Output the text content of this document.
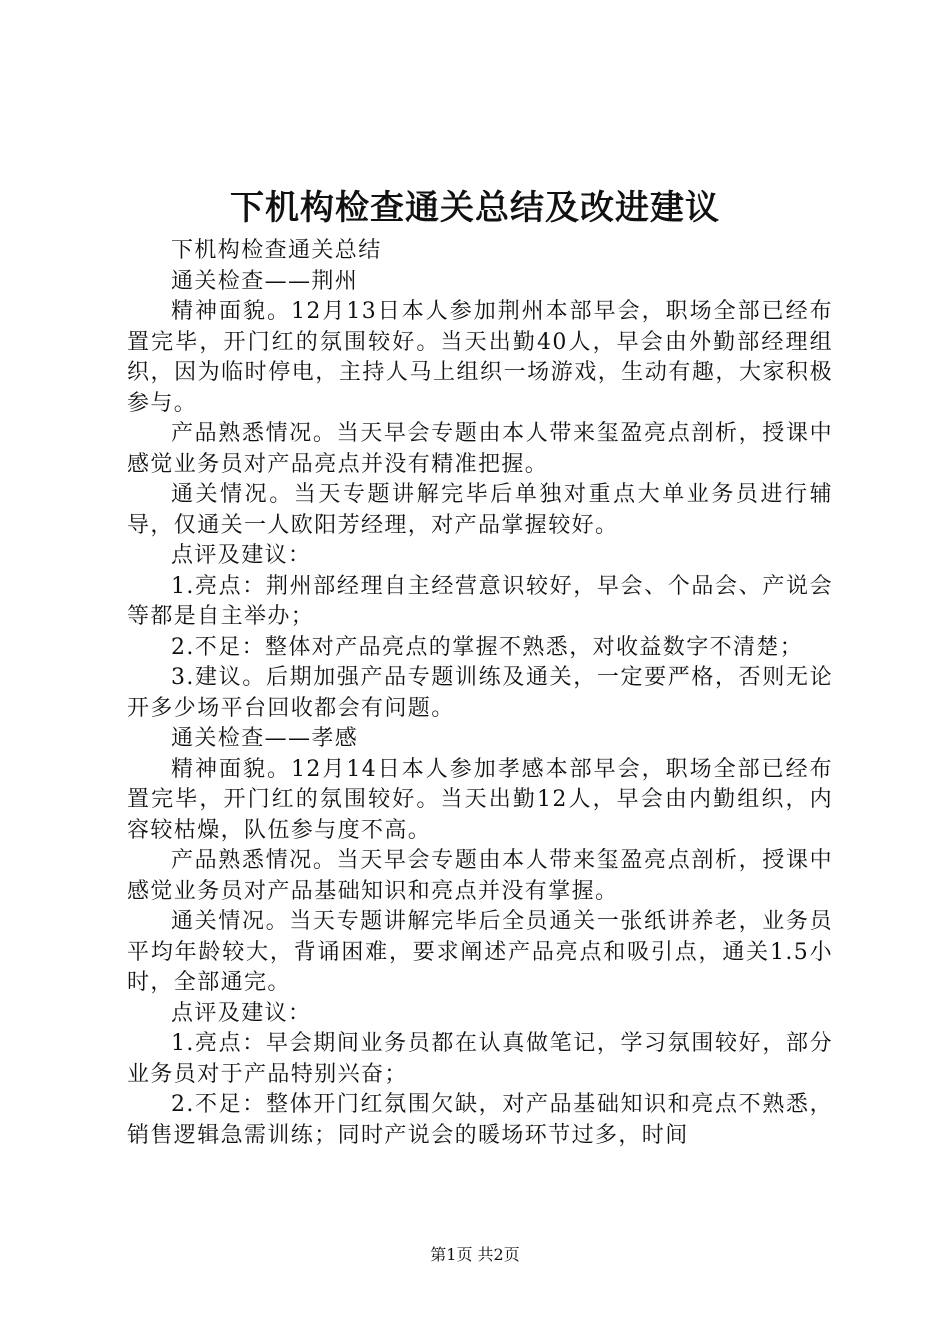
下机构检查通关总结及改进建议

下机构检查通关总结

通关检查——荆州

精神面貌。12月13日本人参加荆州本部早会，职场全部已经布置完毕，开门红的氛围较好。当天出勤40人，早会由外勤部经理组织，因为临时停电，主持人马上组织一场游戏，生动有趣，大家积极参与。

产品熟悉情况。当天早会专题由本人带来玺盈亮点剖析，授课中感觉业务员对产品亮点并没有精准把握。

通关情况。当天专题讲解完毕后单独对重点大单业务员进行辅导，仅通关一人欧阳芳经理，对产品掌握较好。

点评及建议：

1.亮点：荆州部经理自主经营意识较好，早会、个品会、产说会等都是自主举办；

2.不足：整体对产品亮点的掌握不熟悉，对收益数字不清楚；

3.建议。后期加强产品专题训练及通关，一定要严格，否则无论开多少场平台回收都会有问题。

通关检查——孝感

精神面貌。12月14日本人参加孝感本部早会，职场全部已经布置完毕，开门红的氛围较好。当天出勤12人，早会由内勤组织，内容较枯燥，队伍参与度不高。

产品熟悉情况。当天早会专题由本人带来玺盈亮点剖析，授课中感觉业务员对产品基础知识和亮点并没有掌握。

通关情况。当天专题讲解完毕后全员通关一张纸讲养老，业务员平均年龄较大，背诵困难，要求阐述产品亮点和吸引点，通关1.5小时，全部通完。

点评及建议：

1.亮点：早会期间业务员都在认真做笔记，学习氛围较好，部分业务员对于产品特别兴奋；

2.不足：整体开门红氛围欠缺，对产品基础知识和亮点不熟悉，销售逻辑急需训练；同时产说会的暖场环节过多，时间

第1页 共2页
